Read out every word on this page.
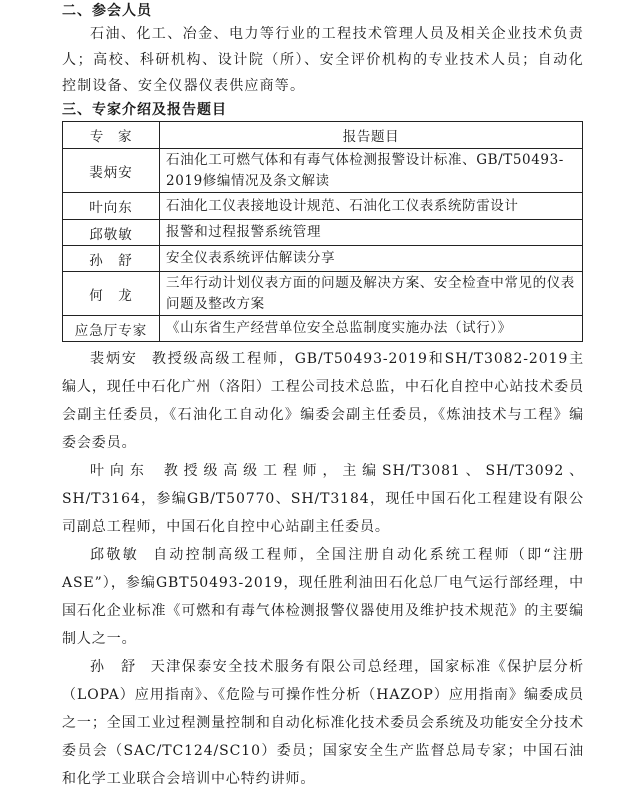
二、参会人员

石油、化工、冶金、电力等行业的工程技术管理人员及相关企业技术负责人；高校、科研机构、设计院（所）、安全评价机构的专业技术人员；自动化控制设备、安全仪器仪表供应商等。

三、专家介绍及报告题目
专　家	报告题目
裴炳安	石油化工可燃气体和有毒气体检测报警设计标准、GB/T50493-2019修编情况及条文解读
叶向东	石油化工仪表接地设计规范、石油化工仪表系统防雷设计
邱敬敏	报警和过程报警系统管理
孙　舒	安全仪表系统评估解读分享
何　龙	三年行动计划仪表方面的问题及解决方案、安全检查中常见的仪表问题及整改方案
应急厅专家	《山东省生产经营单位安全总监制度实施办法（试行）》

裴炳安 教授级高级工程师，GB/T50493-2019和SH/T3082-2019主编人，现任中石化广州（洛阳）工程公司技术总监，中石化自控中心站技术委员会副主任委员，《石油化工自动化》编委会副主任委员，《炼油技术与工程》编委会委员。

叶向东 教授级高级工程师，主编SH/T3081、SH/T3092、SH/T3164，参编GB/T50770、SH/T3184，现任中国石化工程建设有限公司副总工程师，中国石化自控中心站副主任委员。

邱敬敏 自动控制高级工程师，全国注册自动化系统工程师（即“注册ASE”），参编GBT50493-2019，现任胜利油田石化总厂电气运行部经理，中国石化企业标准《可燃和有毒气体检测报警仪器使用及维护技术规范》的主要编制人之一。

孙　舒 天津保泰安全技术服务有限公司总经理，国家标准《保护层分析（LOPA）应用指南》、《危险与可操作性分析（HAZOP）应用指南》编委成员之一；全国工业过程测量控制和自动化标准化技术委员会系统及功能安全分技术委员会（SAC/TC124/SC10）委员；国家安全生产监督总局专家；中国石油和化学工业联合会培训中心特约讲师。
